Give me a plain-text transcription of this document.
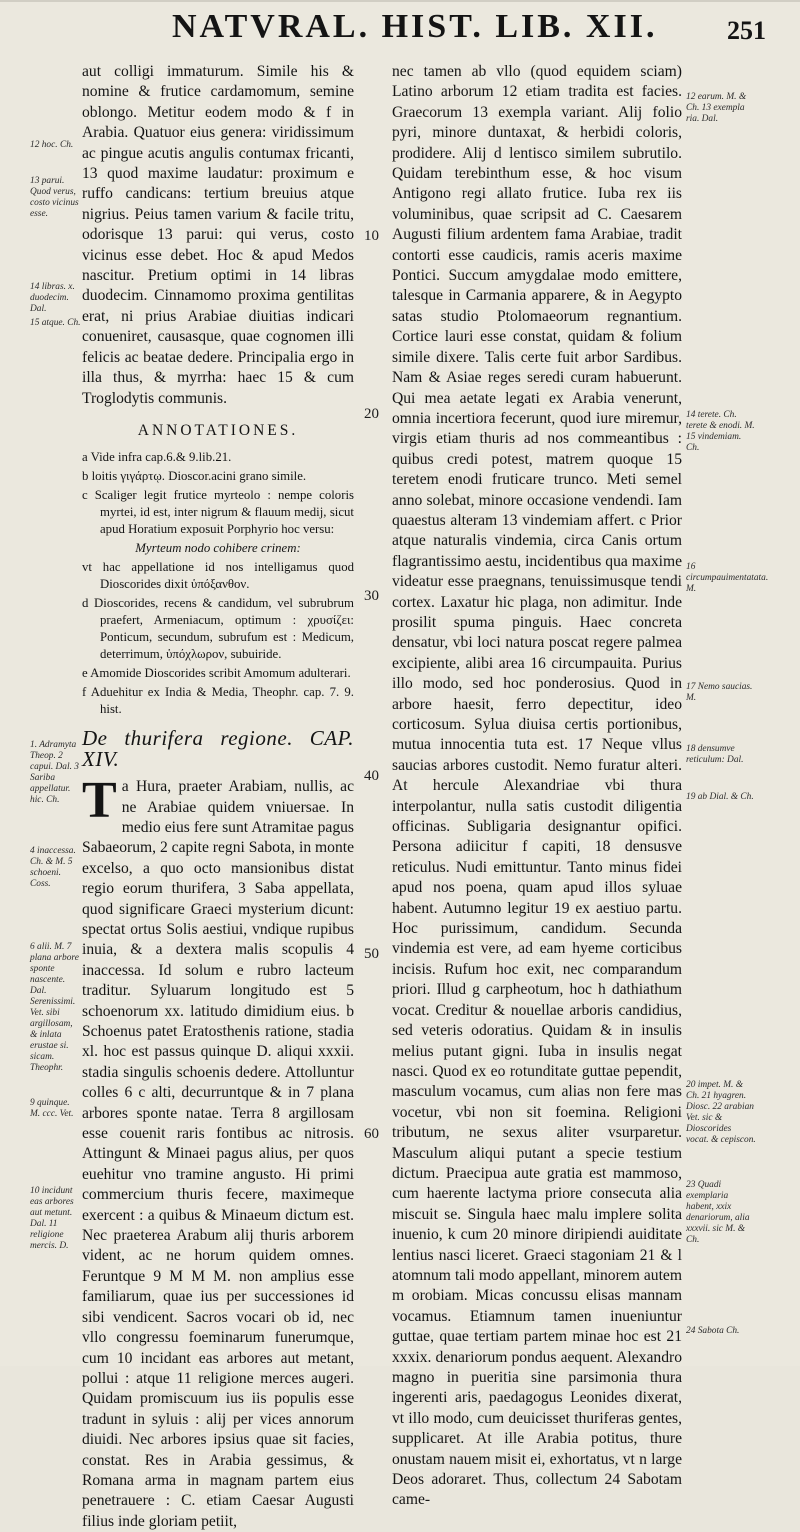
NATVRAL. HIST. LIB. XII.	251

aut colligi immaturum. Simile his & nomine & frutice cardamomum, semine oblongo. Metitur eodem modo & f in Arabia. Quatuor eius genera: viridissimum ac pingue acutis angulis contumax fricanti, 13 quod maxime laudatur: proximum e ruffo candicans: tertium breuius atque nigrius. Peius tamen varium & facile tritu, odorisque 13 parui: qui verus, costo vicinus esse debet. Hoc & apud Medos nascitur. Pretium optimi in 14 libras duodecim. Cinnamomo proxima gentilitas erat, ni prius Arabiae diuitias indicari conueniret, causasque, quae cognomen illi felicis ac beatae dedere. Principalia ergo in illa thus, & myrrha: haec 15 & cum Troglodytis communis.

ANNOTATIONES.
a Vide infra cap.6.& 9.lib.21.
b loitis γιγάρτῳ. Dioscor.acini grano simile.
c Scaliger legit frutice myrteolo : nempe coloris myrtei, id est, inter nigrum & flauum medij, sicut apud Horatium exposuit Porphyrio hoc versu:
Myrteum nodo cohibere crinem:
vt hac appellatione id nos intelligamus quod Dioscorides dixit ὑπόξανθον.
d Dioscorides, recens & candidum, vel subrubrum praefert, Armeniacum, optimum : χρυσίζει: Ponticum, secundum, subrufum est : Medicum, deterrimum, ὑπόχλωρον, subuiride.
e Amomide Dioscorides scribit Amomum adulterari.
f Aduehitur ex India & Media, Theophr. cap. 7. 9. hist.
De thurifera regione. CAP. XIV.

T a Hura, praeter Arabiam, nullis, ac ne Arabiae quidem vniuersae. In medio eius fere sunt Atramitae pagus Sabaeorum, 2 capite regni Sabota, in monte excelso, a quo octo mansionibus distat regio eorum thurifera, 3 Saba appellata, quod significare Graeci mysterium dicunt: spectat ortus Solis aestiui, vndique rupibus inuia, & a dextera malis scopulis 4 inaccessa. Id solum e rubro lacteum traditur. Syluarum longitudo est 5 schoenorum xx. latitudo dimidium eius. b Schoenus patet Eratosthenis ratione, stadia xl. hoc est passus quinque D. aliqui xxxii. stadia singulis schoenis dedere. Attolluntur colles 6 c alti, decurruntque & in 7 plana arbores sponte natae. Terra 8 argillosam esse couenit raris fontibus ac nitrosis. Attingunt & Minaei pagus alius, per quos euehitur vno tramine angusto. Hi primi commercium thuris fecere, maximeque exercent : a quibus & Minaeum dictum est. Nec praeterea Arabum alij thuris arborem vident, ac ne horum quidem omnes. Feruntque 9 M M M. non amplius esse familiarum, quae ius per successiones id sibi vendicent. Sacros vocari ob id, nec vllo congressu foeminarum funerumque, cum 10 incidant eas arbores aut metant, pollui : atque 11 religione merces augeri. Quidam promiscuum ius iis populis esse tradunt in syluis : alij per vices annorum diuidi. Nec arbores ipsius quae sit facies, constat. Res in Arabia gessimus, & Romana arma in magnam partem eius penetrauere : C. etiam Caesar Augusti filius inde gloriam petiit,

nec tamen ab vllo (quod equidem sciam) Latino arborum 12 etiam tradita est facies. Graecorum 13 exempla variant. Alij folio pyri, minore duntaxat, & herbidi coloris, prodidere. Alij d lentisco similem subrutilo. Quidam terebinthum esse, & hoc visum Antigono regi allato frutice. Iuba rex iis voluminibus, quae scripsit ad C. Caesarem Augusti filium ardentem fama Arabiae, tradit contorti esse caudicis, ramis aceris maxime Pontici. Succum amygdalae modo emittere, talesque in Carmania apparere, & in Aegypto satas studio Ptolomaeorum regnantium. Cortice lauri esse constat, quidam & folium simile dixere. Talis certe fuit arbor Sardibus. Nam & Asiae reges seredi curam habuerunt. Qui mea aetate legati ex Arabia venerunt, omnia incertiora fecerunt, quod iure miremur, virgis etiam thuris ad nos commeantibus : quibus credi potest, matrem quoque 15 teretem enodi fruticare trunco. Meti semel anno solebat, minore occasione vendendi. Iam quaestus alteram 13 vindemiam affert. c Prior atque naturalis vindemia, circa Canis ortum flagrantissimo aestu, incidentibus qua maxime videatur esse praegnans, tenuissimusque tendi cortex. Laxatur hic plaga, non adimitur. Inde prosilit spuma pinguis. Haec concreta densatur, vbi loci natura poscat regere palmea excipiente, alibi area 16 circumpauita. Purius illo modo, sed hoc ponderosius. Quod in arbore haesit, ferro depectitur, ideo corticosum. Sylua diuisa certis portionibus, mutua innocentia tuta est. 17 Neque vllus saucias arbores custodit. Nemo furatur alteri. At hercule Alexandriae vbi thura interpolantur, nulla satis custodit diligentia officinas. Subligaria designantur opifici. Persona adiicitur f capiti, 18 densusve reticulus. Nudi emittuntur. Tanto minus fidei apud nos poena, quam apud illos syluae habent. Autumno legitur 19 ex aestiuo partu. Hoc purissimum, candidum. Secunda vindemia est vere, ad eam hyeme corticibus incisis. Rufum hoc exit, nec comparandum priori. Illud g carpheotum, hoc h dathiathum vocat. Creditur & nouellae arboris candidius, sed veteris odoratius. Quidam & in insulis melius putant gigni. Iuba in insulis negat nasci. Quod ex eo rotunditate guttae pependit, masculum vocamus, cum alias non fere mas vocetur, vbi non sit foemina. Religioni tributum, ne sexus aliter vsurparetur. Masculum aliqui putant a specie testium dictum. Praecipua aute gratia est mammoso, cum haerente lactyma priore consecuta alia miscuit se. Singula haec malu implere solita inuenio, k cum 20 minore diripiendi auiditate lentius nasci liceret. Graeci stagoniam 21 & l atomnum tali modo appellant, minorem autem m orobiam. Micas concussu elisas mannam vocamus. Etiamnum tamen inueniuntur guttae, quae tertiam partem minae hoc est 21 xxxix. denariorum pondus aequent. Alexandro magno in pueritia sine parsimonia thura ingerenti aris, paedagogus Leonides dixerat, vt illo modo, cum deuicisset thuriferas gentes, supplicaret. At ille Arabia potitus, thure onustam nauem misit ei, exhortatus, vt n large Deos adoraret. Thus, collectum 24 Sabotam came-

10
20
30
40
50
60
12 hoc. Ch.
13 parui. Quod verus, costo vicinus esse.
14 libras. x. duodecim. Dal.
15 atque. Ch.
1. Adramyta Theop. 2 capui. Dal. 3 Sariba appellatur. hic. Ch.
4 inaccessa. Ch. & M. 5 schoeni. Coss.
6 alii. M. 7 plana arbore sponte nascente. Dal. Serenissimi. Vet. sibi argillosam, & inlata erustae si. sicam. Theophr.
9 quinque. M. ccc. Vet.
10 incidunt eas arbores aut metunt. Dal. 11 religione mercis. D.
12 earum. M. & Ch. 13 exempla ria. Dal.
14 terete. Ch. terete & enodi. M. 15 vindemiam. Ch.
16 circumpauimentatata. M.
17 Nemo saucias. M.
18 densumve reticulum: Dal.
19 ab Dial. & Ch.
20 impet. M. & Ch. 21 hyagren. Diosc. 22 arabian Vet. sic & Dioscorides vocat. & cepiscon.
23 Quadi exemplaria habent, xxix denariorum, alia xxxvii. sic M. & Ch.
24 Sabota Ch.
